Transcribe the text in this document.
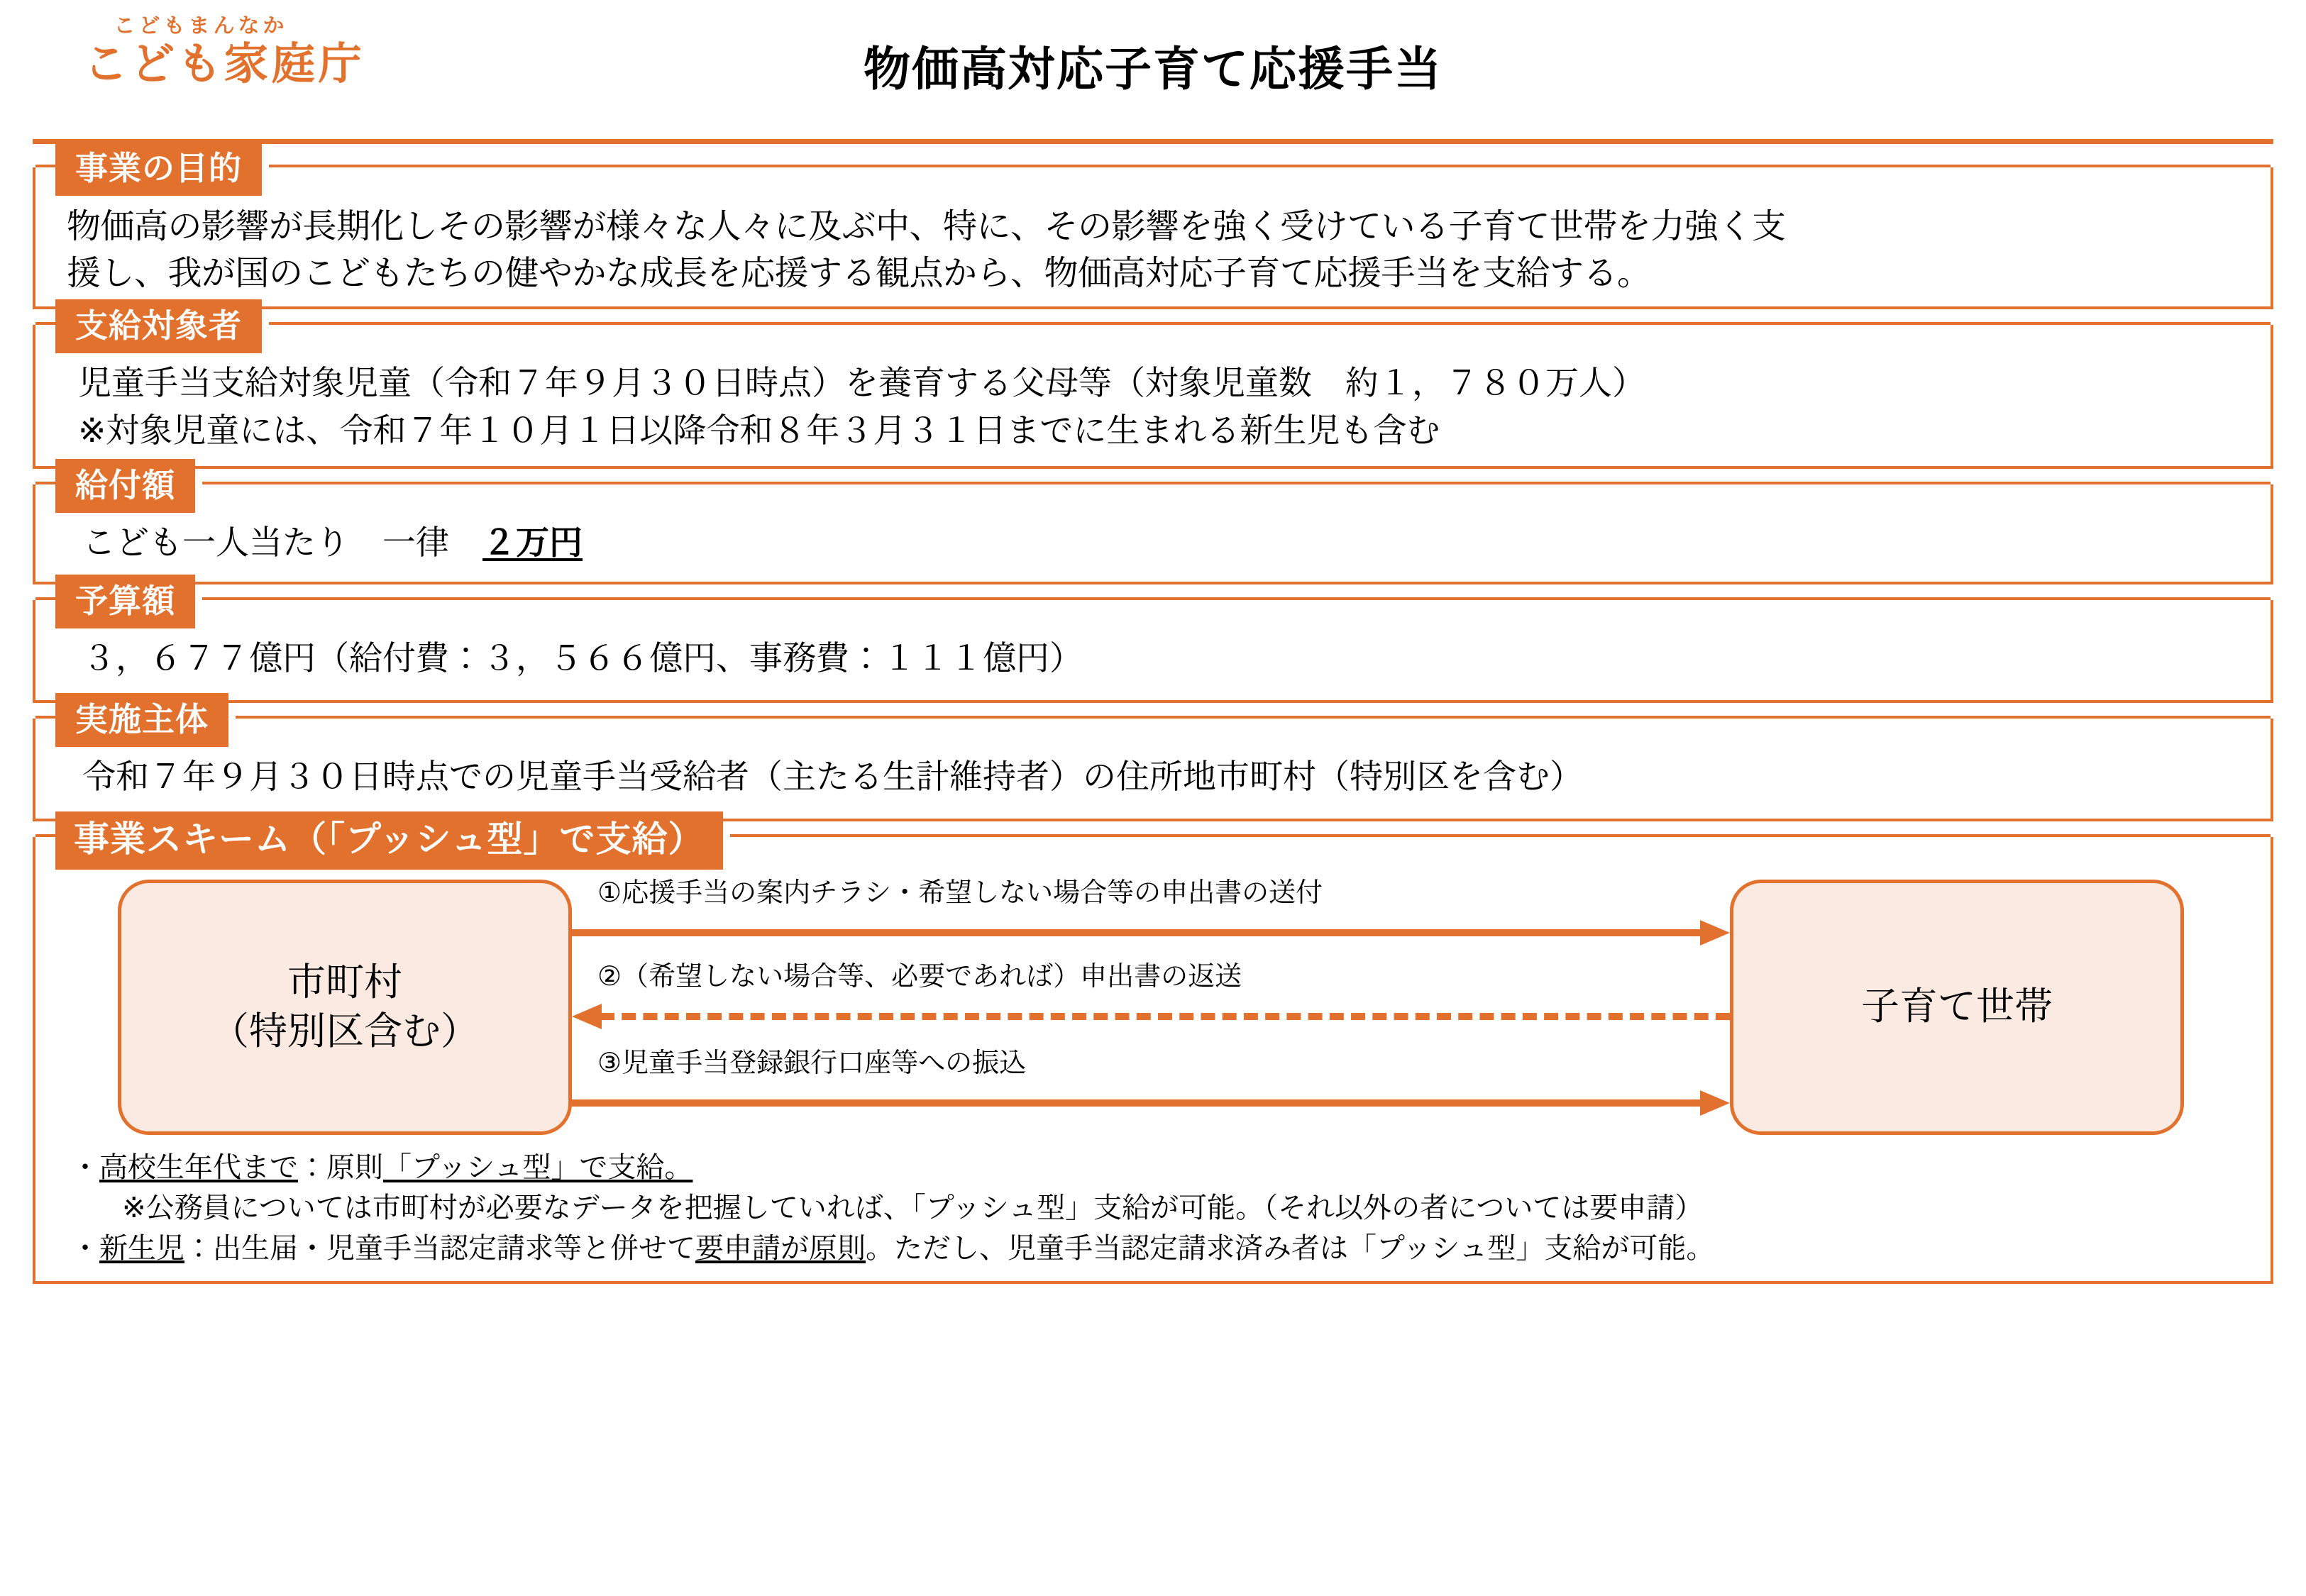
こどもまんなか
こども家庭庁	物価高対応子育て応援手当
事業の目的

物価高の影響が長期化しその影響が様々な人々に及ぶ中、特に、その影響を強く受けている子育て世帯を力強く支

援し、我が国のこどもたちの健やかな成長を応援する観点から、物価高対応子育て応援手当を支給する。

支給対象者

児童手当支給対象児童（令和７年９月３０日時点）を養育する父母等（対象児童数　約１，７８０万人）

※対象児童には、令和７年１０月１日以降令和８年３月３１日までに生まれる新生児も含む

給付額

こども一人当たり　一律　２万円

予算額

３，６７７億円（給付費：３，５６６億円、事務費：１１１億円）

実施主体

令和７年９月３０日時点での児童手当受給者（主たる生計維持者）の住所地市町村（特別区を含む）

事業スキーム（「プッシュ型」で支給）
市町村
（特別区含む）
①応援手当の案内チラシ・希望しない場合等の申出書の送付
②（希望しない場合等、必要であれば）申出書の返送
③児童手当登録銀行口座等への振込
子育て世帯

・高校生年代まで：原則「プッシュ型」で支給。

※公務員については市町村が必要なデータを把握していれば、「プッシュ型」支給が可能。（それ以外の者については要申請）

・新生児：出生届・児童手当認定請求等と併せて要申請が原則。ただし、児童手当認定請求済み者は「プッシュ型」支給が可能。
